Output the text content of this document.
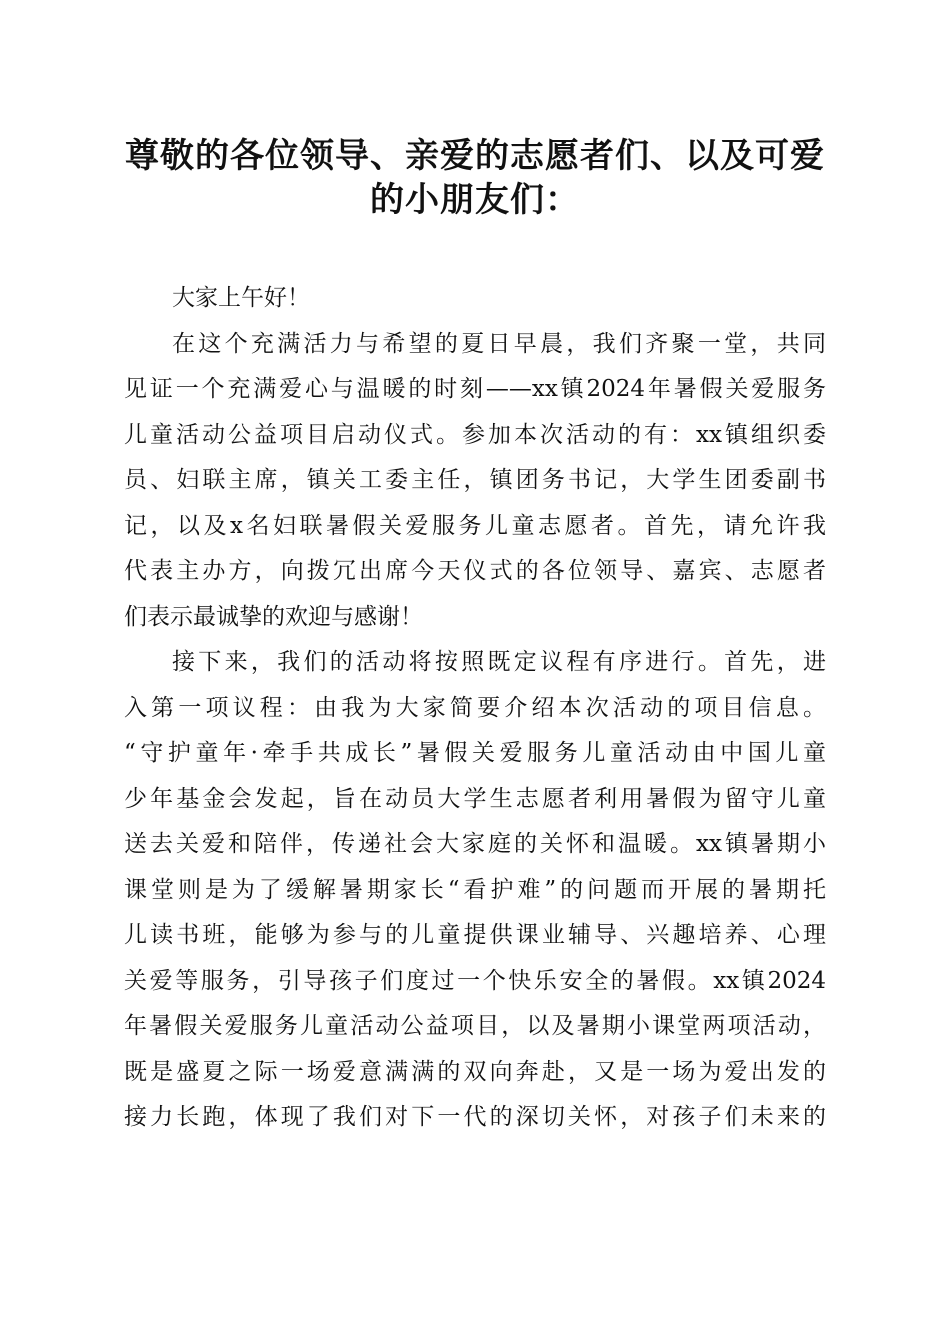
尊敬的各位领导、亲爱的志愿者们、以及可爱
的小朋友们：
大家上午好！
在这个充满活力与希望的夏日早晨，我们齐聚一堂，共同
见证一个充满爱心与温暖的时刻——xx镇2024年暑假关爱服务
儿童活动公益项目启动仪式。参加本次活动的有：xx镇组织委
员、妇联主席，镇关工委主任，镇团务书记，大学生团委副书
记，以及x名妇联暑假关爱服务儿童志愿者。首先，请允许我
代表主办方，向拨冗出席今天仪式的各位领导、嘉宾、志愿者
们表示最诚挚的欢迎与感谢！
接下来，我们的活动将按照既定议程有序进行。首先，进
入第一项议程：由我为大家简要介绍本次活动的项目信息。
“守护童年·牵手共成长”暑假关爱服务儿童活动由中国儿童
少年基金会发起，旨在动员大学生志愿者利用暑假为留守儿童
送去关爱和陪伴，传递社会大家庭的关怀和温暖。xx镇暑期小
课堂则是为了缓解暑期家长“看护难”的问题而开展的暑期托
儿读书班，能够为参与的儿童提供课业辅导、兴趣培养、心理
关爱等服务，引导孩子们度过一个快乐安全的暑假。xx镇2024
年暑假关爱服务儿童活动公益项目，以及暑期小课堂两项活动，
既是盛夏之际一场爱意满满的双向奔赴，又是一场为爱出发的
接力长跑，体现了我们对下一代的深切关怀，对孩子们未来的
